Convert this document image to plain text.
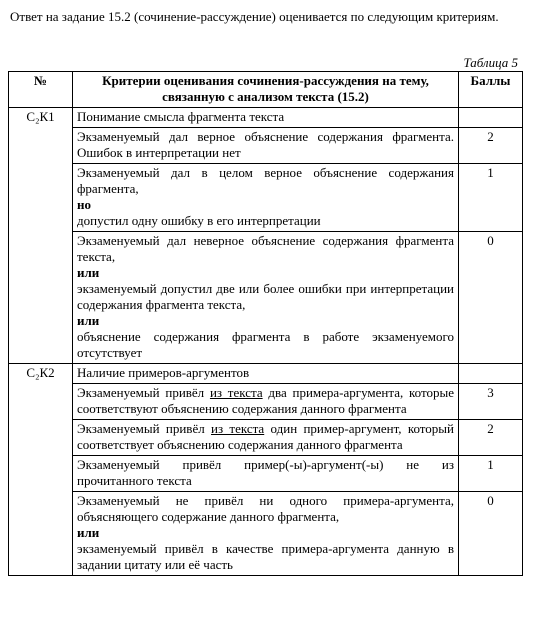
Ответ на задание 15.2 (сочинение-рассуждение) оценивается по следующим критериям.
Таблица 5
№	Критерии оценивания сочинения-рассуждения на тему, связанную с анализом текста (15.2)	Баллы
С₂К1	Понимание смысла фрагмента текста	
	Экзаменуемый дал верное объяснение содержания фрагмента. Ошибок в интерпретации нет	2

	Экзаменуемый дал в целом верное объяснение содержания фрагмента,
но
допустил одну ошибку в его интерпретации	1

	Экзаменуемый дал неверное объяснение содержания фрагмента текста,
или
экзаменуемый допустил две или более ошибки при интерпретации содержания фрагмента текста,
или
объяснение содержания фрагмента в работе экзаменуемого отсутствует	0
С₂К2	Наличие примеров-аргументов	
	Экзаменуемый привёл из текста два примера-аргумента, которые соответствуют объяснению содержания данного фрагмента	3
	Экзаменуемый привёл из текста один пример-аргумент, который соответствует объяснению содержания данного фрагмента	2
	Экзаменуемый привёл пример(-ы)-аргумент(-ы) не из прочитанного текста	1

	Экзаменуемый не привёл ни одного примера-аргумента, объясняющего содержание данного фрагмента,
или
экзаменуемый привёл в качестве примера-аргумента данную в задании цитату или её часть	0
